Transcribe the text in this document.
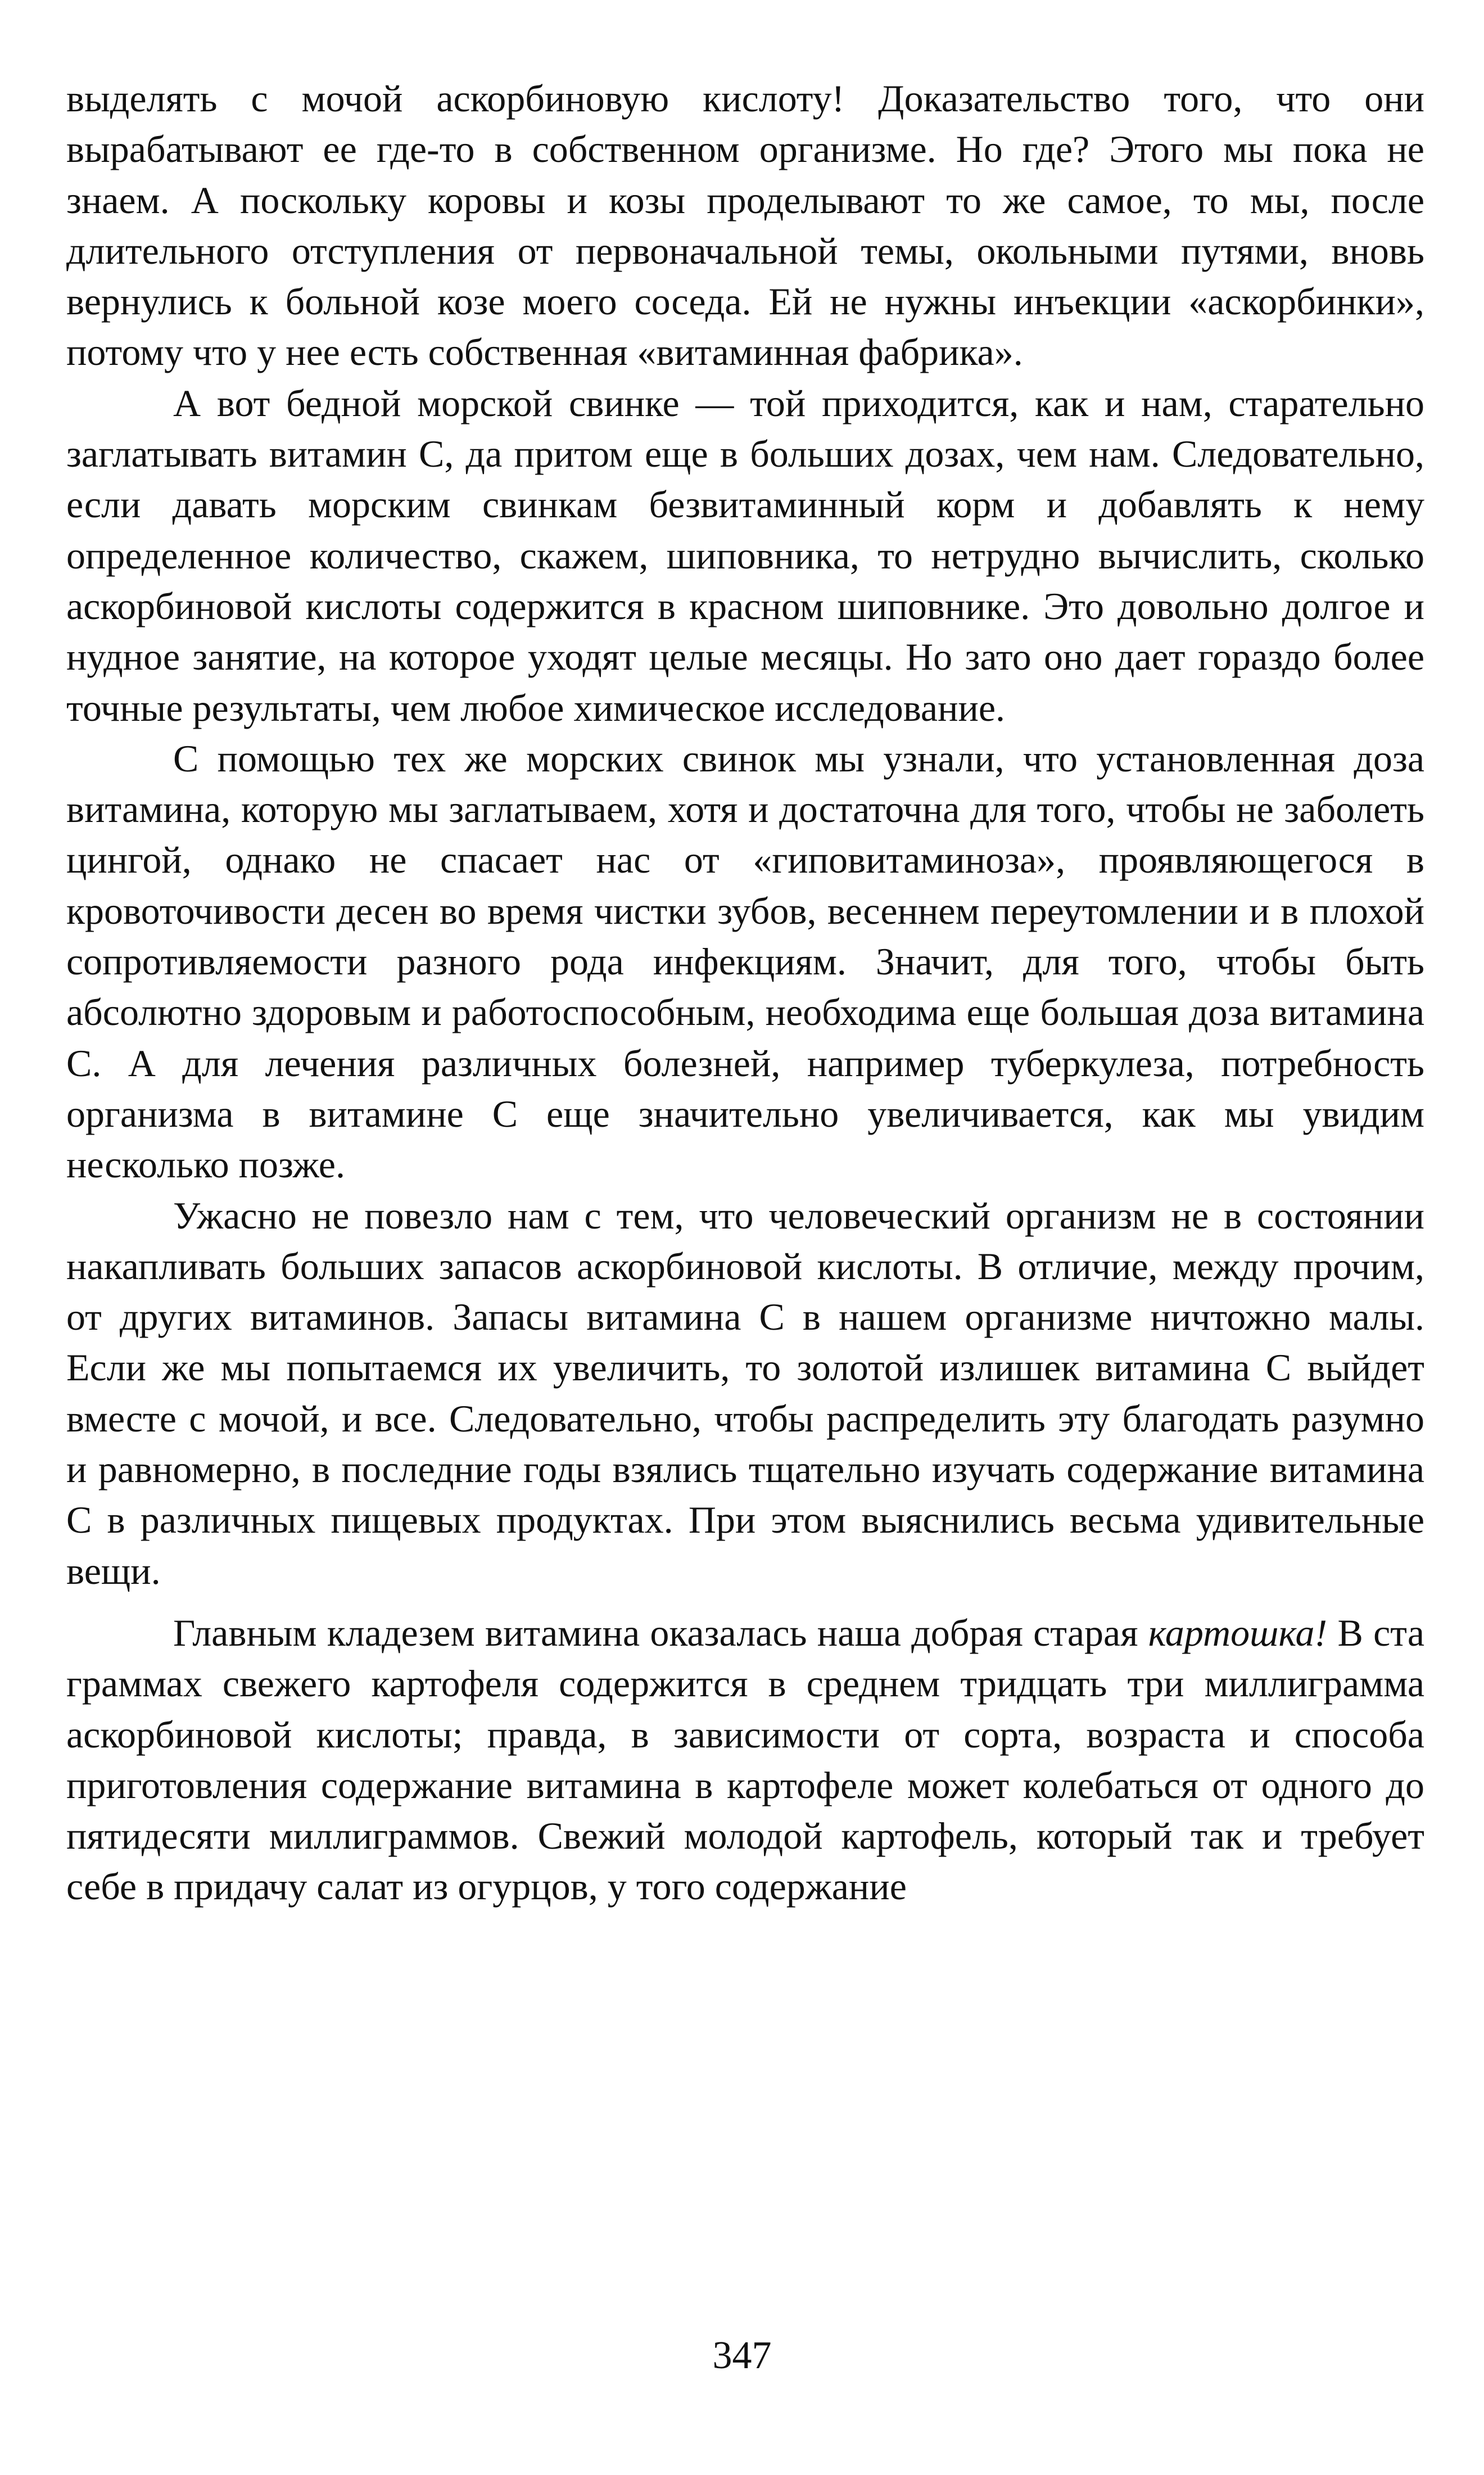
выделять с мочой аскорбиновую кислоту! Доказательство того, что они вырабатывают ее где-то в собственном организме. Но где? Этого мы пока не знаем. А поскольку коровы и козы проделывают то же самое, то мы, после длительного отступления от первоначальной темы, окольными путями, вновь вернулись к больной козе моего соседа. Ей не нужны инъекции «аскорбинки», потому что у нее есть собственная «витаминная фабрика».

А вот бедной морской свинке — той приходится, как и нам, старательно заглатывать витамин С, да притом еще в больших дозах, чем нам. Следовательно, если давать морским свинкам безвитаминный корм и добавлять к нему определенное количество, скажем, шиповника, то нетрудно вычислить, сколько аскорбиновой кислоты содержится в красном шиповнике. Это довольно долгое и нудное занятие, на которое уходят целые месяцы. Но зато оно дает гораздо более точные результаты, чем любое химическое исследование.

С помощью тех же морских свинок мы узнали, что установленная доза витамина, которую мы заглатываем, хотя и достаточна для того, чтобы не заболеть цингой, однако не спасает нас от «гиповитаминоза», проявляющегося в кровоточивости десен во время чистки зубов, весеннем переутомлении и в плохой сопротивляемости разного рода инфекциям. Значит, для того, чтобы быть абсолютно здоровым и работоспособным, необходима еще большая доза витамина С. А для лечения различных болезней, например туберкулеза, потребность организма в витамине С еще значительно увеличивается, как мы увидим несколько позже.

Ужасно не повезло нам с тем, что человеческий организм не в состоянии накапливать больших запасов аскорбиновой кислоты. В отличие, между прочим, от других витаминов. Запасы витамина С в нашем организме ничтожно малы. Если же мы попытаемся их увеличить, то золотой излишек витамина С выйдет вместе с мочой, и все. Следовательно, чтобы распределить эту благодать разумно и равномерно, в последние годы взялись тщательно изучать содержание витамина С в различных пищевых продуктах. При этом выяснились весьма удивительные вещи.

Главным кладезем витамина оказалась наша добрая старая картошка! В ста граммах свежего картофеля содержится в среднем тридцать три миллиграмма аскорбиновой кислоты; правда, в зависимости от сорта, возраста и способа приготовления содержание витамина в картофеле может колебаться от одного до пятидесяти миллиграммов. Свежий молодой картофель, который так и требует себе в придачу салат из огурцов, у того содержание

347
